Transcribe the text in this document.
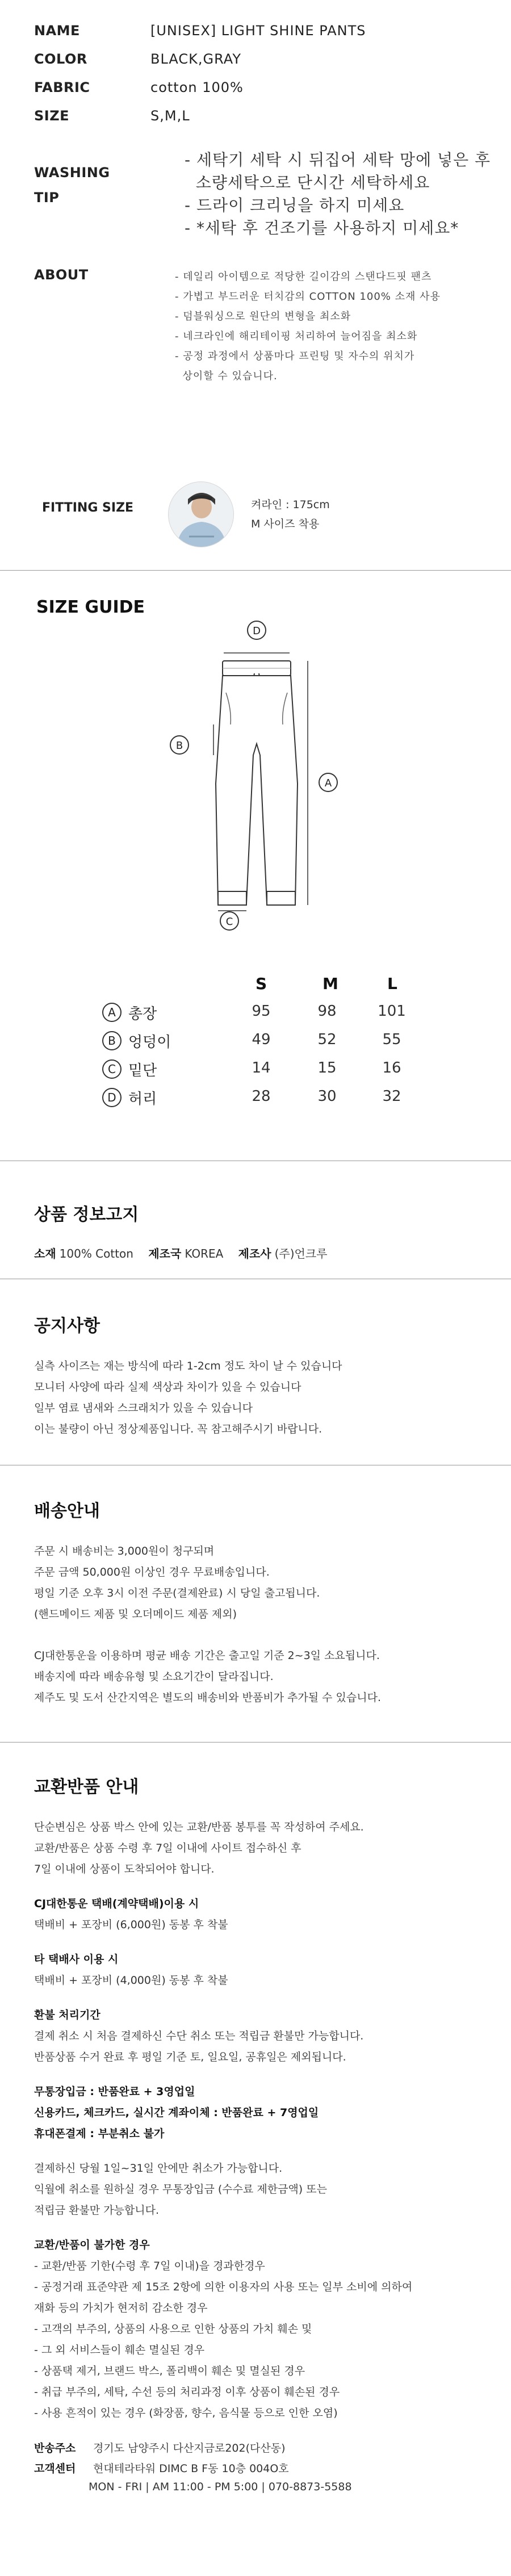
NAME	[UNISEX] LIGHT SHINE PANTS
COLOR	BLACK,GRAY
FABRIC	cotton 100%
SIZE	S,M,L
WASHING
TIP
- 세탁기 세탁 시 뒤집어 세탁 망에 넣은 후
소량세탁으로 단시간 세탁하세요
- 드라이 크리닝을 하지 미세요
- *세탁 후 건조기를 사용하지 미세요*
ABOUT	- 데일리 아이템으로 적당한 길이감의 스탠다드핏 팬츠
- 가볍고 부드러운 터치감의 COTTON 100% 소재 사용
- 덤블워싱으로 원단의 변형을 최소화
- 네크라인에 해리테이핑 처리하여 늘어짐을 최소화
- 공정 과정에서 상품마다 프린팅 및 자수의 위치가
상이할 수 있습니다.
FITTING SIZE	켜라인 : 175cm
M 사이즈 착용
SIZE GUIDE
D
B
A
C
S	M	L
A 총장	95	98	101
B 엉덩이	49	52	55
C 밑단	14	15	16
D 허리	28	30	32
상품 정보고지
소재 100% Cotton 제조국 KOREA 제조사 (주)언크루
공지사항

실측 사이즈는 재는 방식에 따라 1-2cm 정도 차이 날 수 있습니다

모니터 사양에 따라 실제 색상과 차이가 있을 수 있습니다

일부 염료 냄새와 스크래치가 있을 수 있습니다

이는 불량이 아닌 정상제품입니다. 꼭 참고해주시기 바랍니다.

배송안내

주문 시 배송비는 3,000원이 청구되며

주문 금액 50,000원 이상인 경우 무료배송입니다.

평일 기준 오후 3시 이전 주문(결제완료) 시 당일 출고됩니다.

(핸드메이드 제품 및 오더메이드 제품 제외)

CJ대한통운을 이용하며 평균 배송 기간은 출고일 기준 2~3일 소요됩니다.

배송지에 따라 배송유형 및 소요기간이 달라집니다.

제주도 및 도서 산간지역은 별도의 배송비와 반품비가 추가될 수 있습니다.

교환반품 안내

단순변심은 상품 박스 안에 있는 교환/반품 봉투를 꼭 작성하여 주세요.

교환/반품은 상품 수령 후 7일 이내에 사이트 접수하신 후

7일 이내에 상품이 도착되어야 합니다.

CJ대한통운 택배(계약택배)이용 시

택배비 + 포장비 (6,000원) 동봉 후 착불

타 택배사 이용 시

택배비 + 포장비 (4,000원) 동봉 후 착불

환불 처리기간

결제 취소 시 처음 결제하신 수단 취소 또는 적립금 환불만 가능합니다.

반품상품 수거 완료 후 평일 기준 토, 일요일, 공휴일은 제외됩니다.

무통장입금 : 반품완료 + 3영업일

신용카드, 체크카드, 실시간 계좌이체 : 반품완료 + 7영업일

휴대폰결제 : 부분취소 불가

결제하신 당월 1일~31일 안에만 취소가 가능합니다.

익월에 취소를 원하실 경우 무통장입금 (수수료 제한금액) 또는

적립금 환불만 가능합니다.

교환/반품이 불가한 경우

- 교환/반품 기한(수령 후 7일 이내)을 경과한경우

- 공정거래 표준약관 제 15조 2항에 의한 이용자의 사용 또는 일부 소비에 의하여

재화 등의 가치가 현저히 감소한 경우

- 고객의 부주의, 상품의 사용으로 인한 상품의 가치 훼손 및

- 그 외 서비스들이 훼손 멸실된 경우

- 상품택 제거, 브랜드 박스, 폴리백이 훼손 및 멸실된 경우

- 취급 부주의, 세탁, 수선 등의 처리과정 이후 상품이 훼손된 경우

- 사용 흔적이 있는 경우 (화장품, 향수, 음식물 등으로 인한 오염)

반송주소 경기도 남양주시 다산지금로202(다산동)
고객센터 현대테라타워 DIMC B F동 10층 004O호
MON - FRI | AM 11:00 - PM 5:00 | 070-8873-5588
